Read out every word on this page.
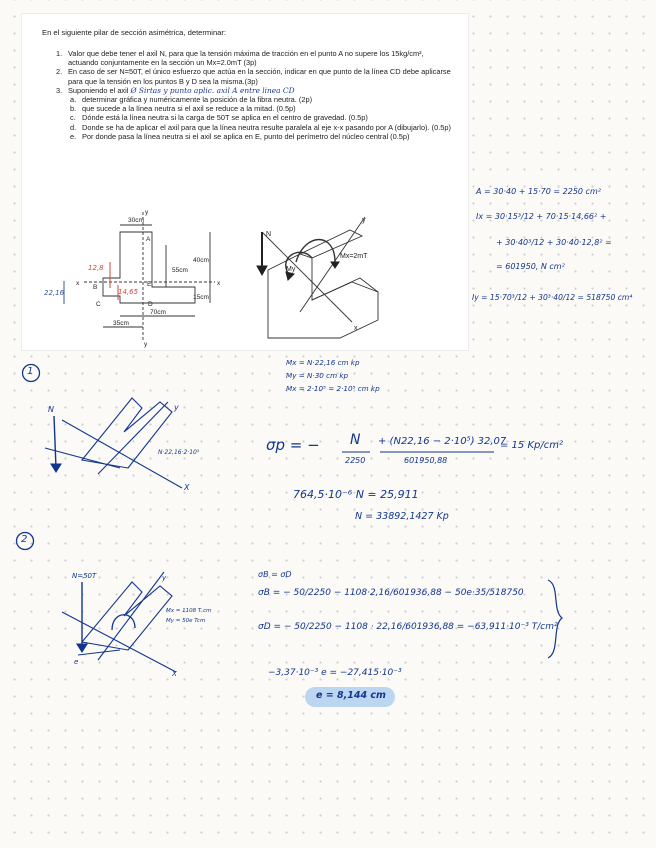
En el siguiente pilar de sección asimétrica, determinar:

1. Valor que debe tener el axil N, para que la tensión máxima de tracción en el punto A no supere los 15kg/cm², actuando conjuntamente en la sección un Mx=2.0mT (3p)
2. En caso de ser N=50T, el único esfuerzo que actúa en la sección, indicar en que punto de la línea CD debe aplicarse para que la tensión en los puntos B y D sea la misma.(3p)
3. Suponiendo el axil Ø Sirtas y punto aplic. axil A entre linea CD
a. determinar gráfica y numéricamente la posición de la fibra neutra. (2p)
b. que sucede a la línea neutra si el axil se reduce a la mitad. (0.5p)
c. Dónde está la línea neutra si la carga de 50T se aplica en el centro de gravedad. (0.5p)
d. Donde se ha de aplicar el axil para que la línea neutra resulte paralela al eje x-x pasando por A (dibujarlo). (0.5p)
e. Por donde pasa la línea neutra si el axil se aplica en E, punto del perímetro del núcleo central (0.5p)
y
y
x	x
A
B
C	D
E
30cm
55cm
40cm
15cm
70cm
35cm
12,8
14,65
22,16
N
Mx=2mT
My
y
x
N	y
X
N·22,16·2·10⁵
N=50T	y
X
e
Mx = 1108 T cm
My = 50e Tcm
A = 30·40 + 15·70 = 2250 cm²
Ix = 30·15³/12 + 70·15·14,66² +
+ 30·40³/12 + 30·40·12,8² =
= 601950, N cm²
Iy = 15·70³/12 + 30³·40/12 = 518750 cm⁴
1
Mx = N·22,16 cm kp
My = N·30 cm kp
Mx = 2·10⁵ = 2·10⁵ cm kp
σp = − N
2250
+ (N22,16 − 2·10⁵) 32,07
601950,88
= 15 Kp/cm²
764,5·10⁻⁶ N = 25,911
N = 33892,1427 Kp
2
σB = σD
σB = − 50/2250 − 1108·2,16/601936,88 − 50e·35/518750
σD = − 50/2250 − 1108 · 22,16/601936,88 = −63,911·10⁻³ T/cm²
−3,37·10⁻³ e = −27,415·10⁻³
e = 8,144 cm
